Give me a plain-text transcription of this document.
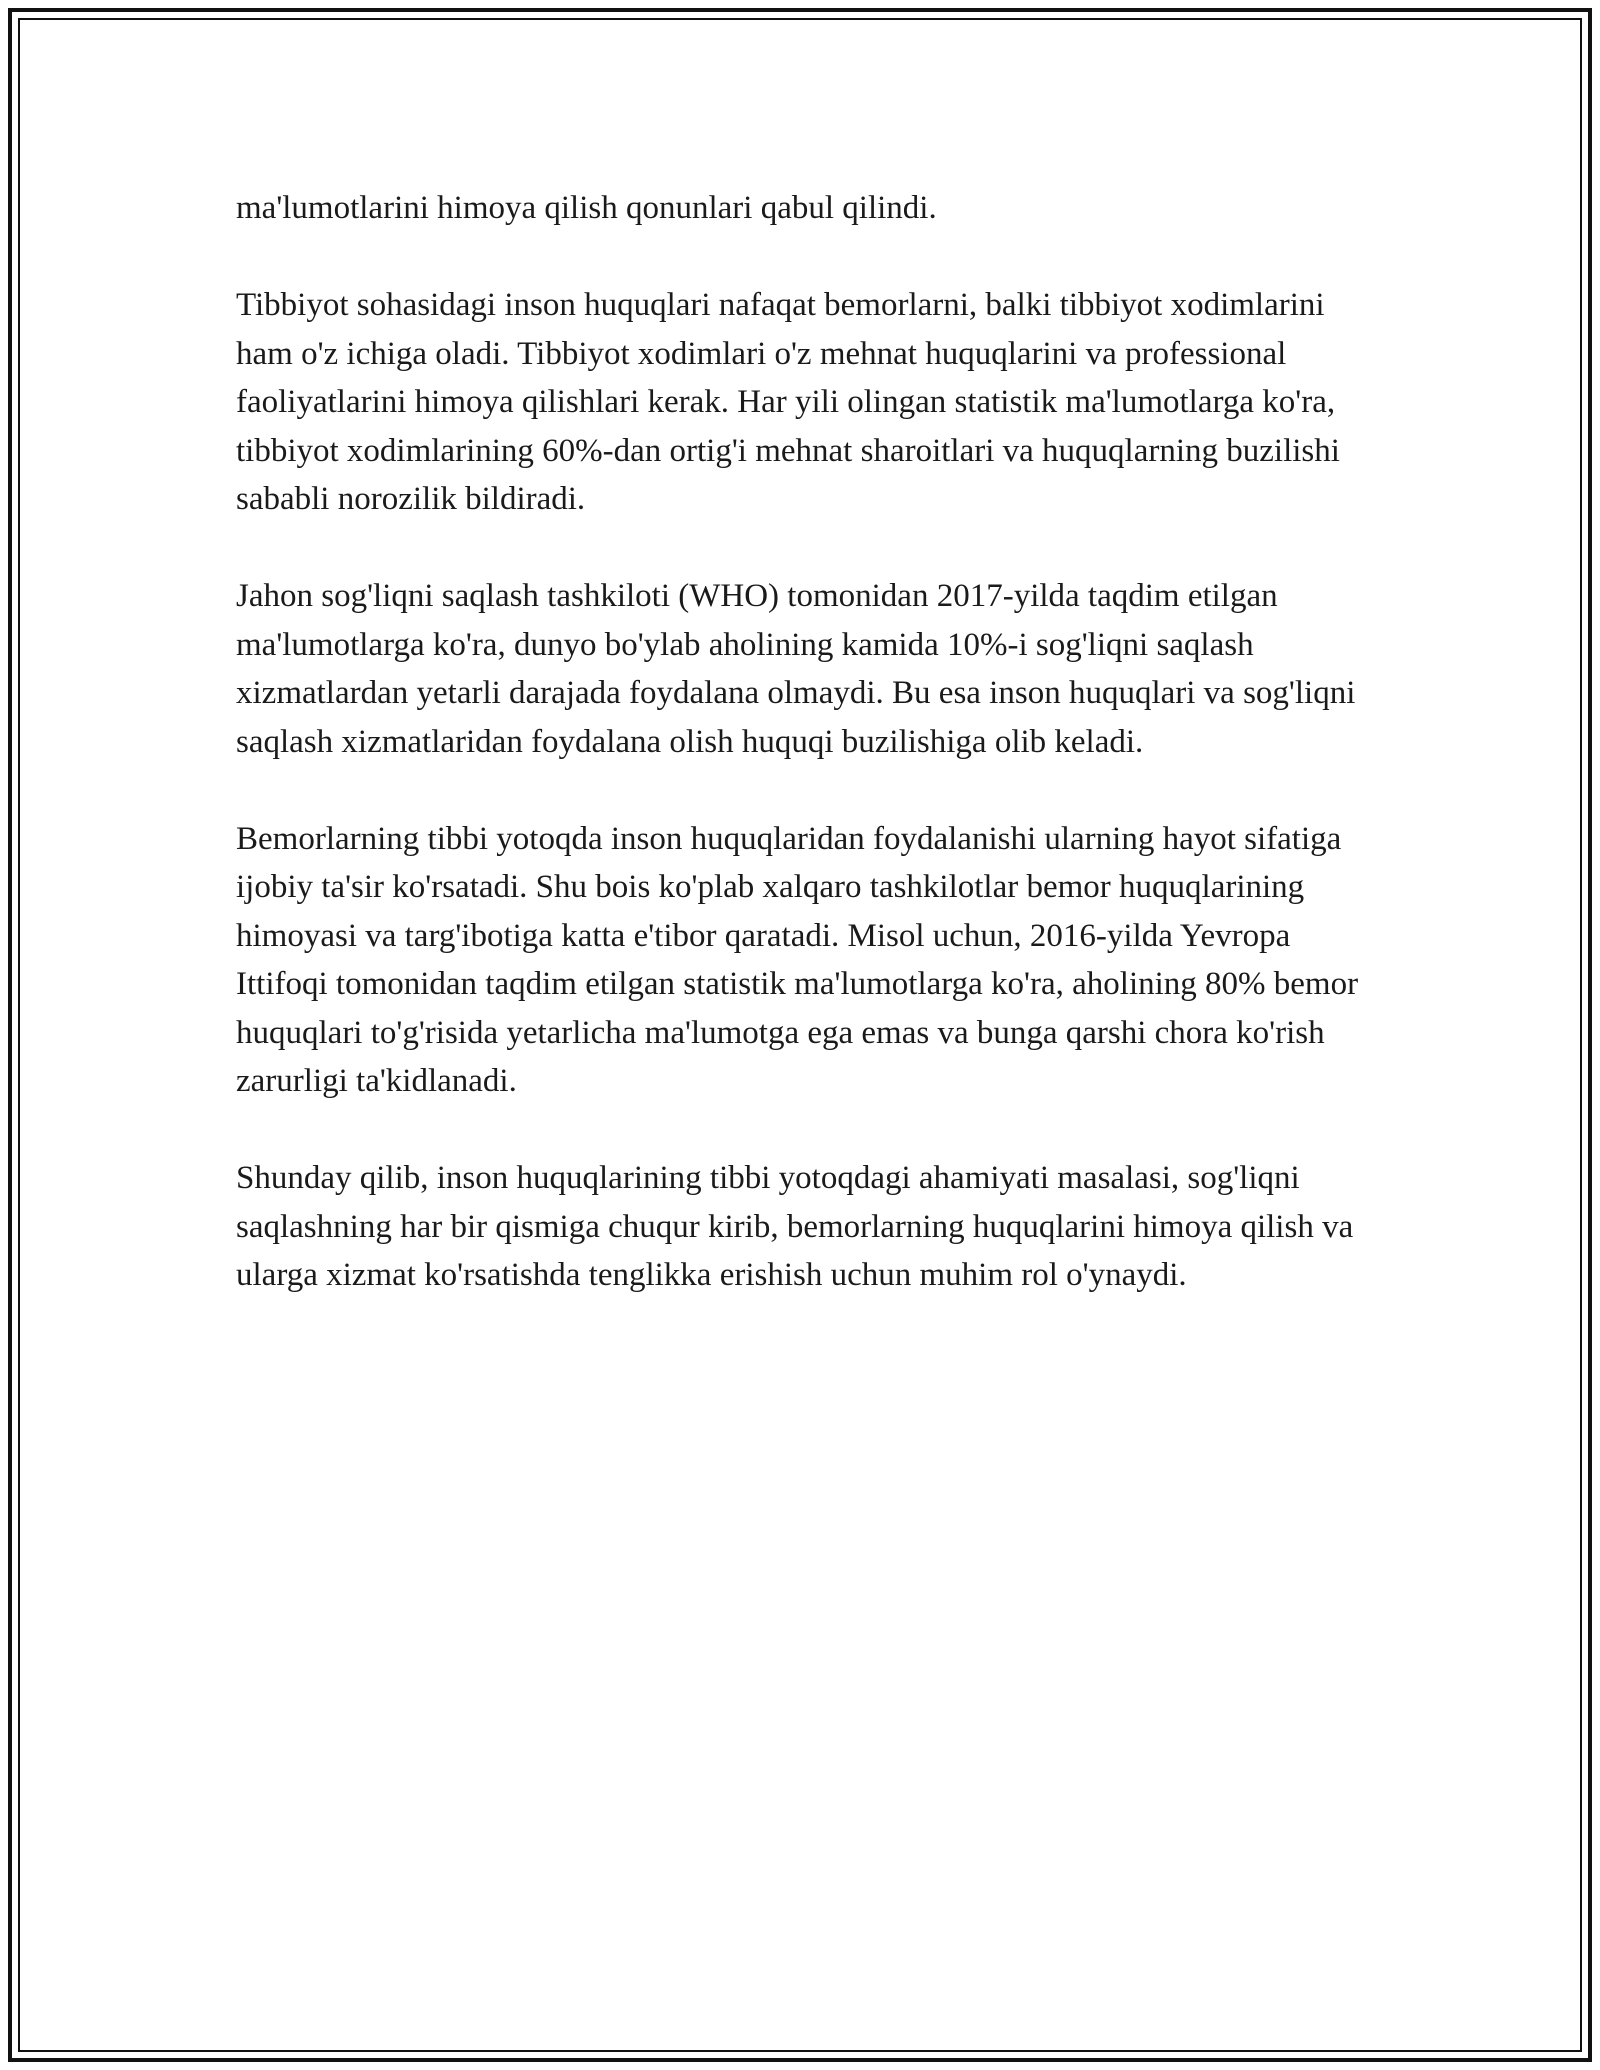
ma'lumotlarini himoya qilish qonunlari qabul qilindi.

Tibbiyot sohasidagi inson huquqlari nafaqat bemorlarni, balki tibbiyot xodimlarini ham o'z ichiga oladi. Tibbiyot xodimlari o'z mehnat huquqlarini va professional faoliyatlarini himoya qilishlari kerak. Har yili olingan statistik ma'lumotlarga ko'ra, tibbiyot xodimlarining 60%-dan ortig'i mehnat sharoitlari va huquqlarning buzilishi sababli norozilik bildiradi.

Jahon sog'liqni saqlash tashkiloti (WHO) tomonidan 2017-yilda taqdim etilgan ma'lumotlarga ko'ra, dunyo bo'ylab aholining kamida 10%-i sog'liqni saqlash xizmatlardan yetarli darajada foydalana olmaydi. Bu esa inson huquqlari va sog'liqni saqlash xizmatlaridan foydalana olish huquqi buzilishiga olib keladi.

Bemorlarning tibbi yotoqda inson huquqlaridan foydalanishi ularning hayot sifatiga ijobiy ta'sir ko'rsatadi. Shu bois ko'plab xalqaro tashkilotlar bemor huquqlarining himoyasi va targ'ibotiga katta e'tibor qaratadi. Misol uchun, 2016-yilda Yevropa Ittifoqi tomonidan taqdim etilgan statistik ma'lumotlarga ko'ra, aholining 80% bemor huquqlari to'g'risida yetarlicha ma'lumotga ega emas va bunga qarshi chora ko'rish zarurligi ta'kidlanadi.

Shunday qilib, inson huquqlarining tibbi yotoqdagi ahamiyati masalasi, sog'liqni saqlashning har bir qismiga chuqur kirib, bemorlarning huquqlarini himoya qilish va ularga xizmat ko'rsatishda tenglikka erishish uchun muhim rol o'ynaydi.
